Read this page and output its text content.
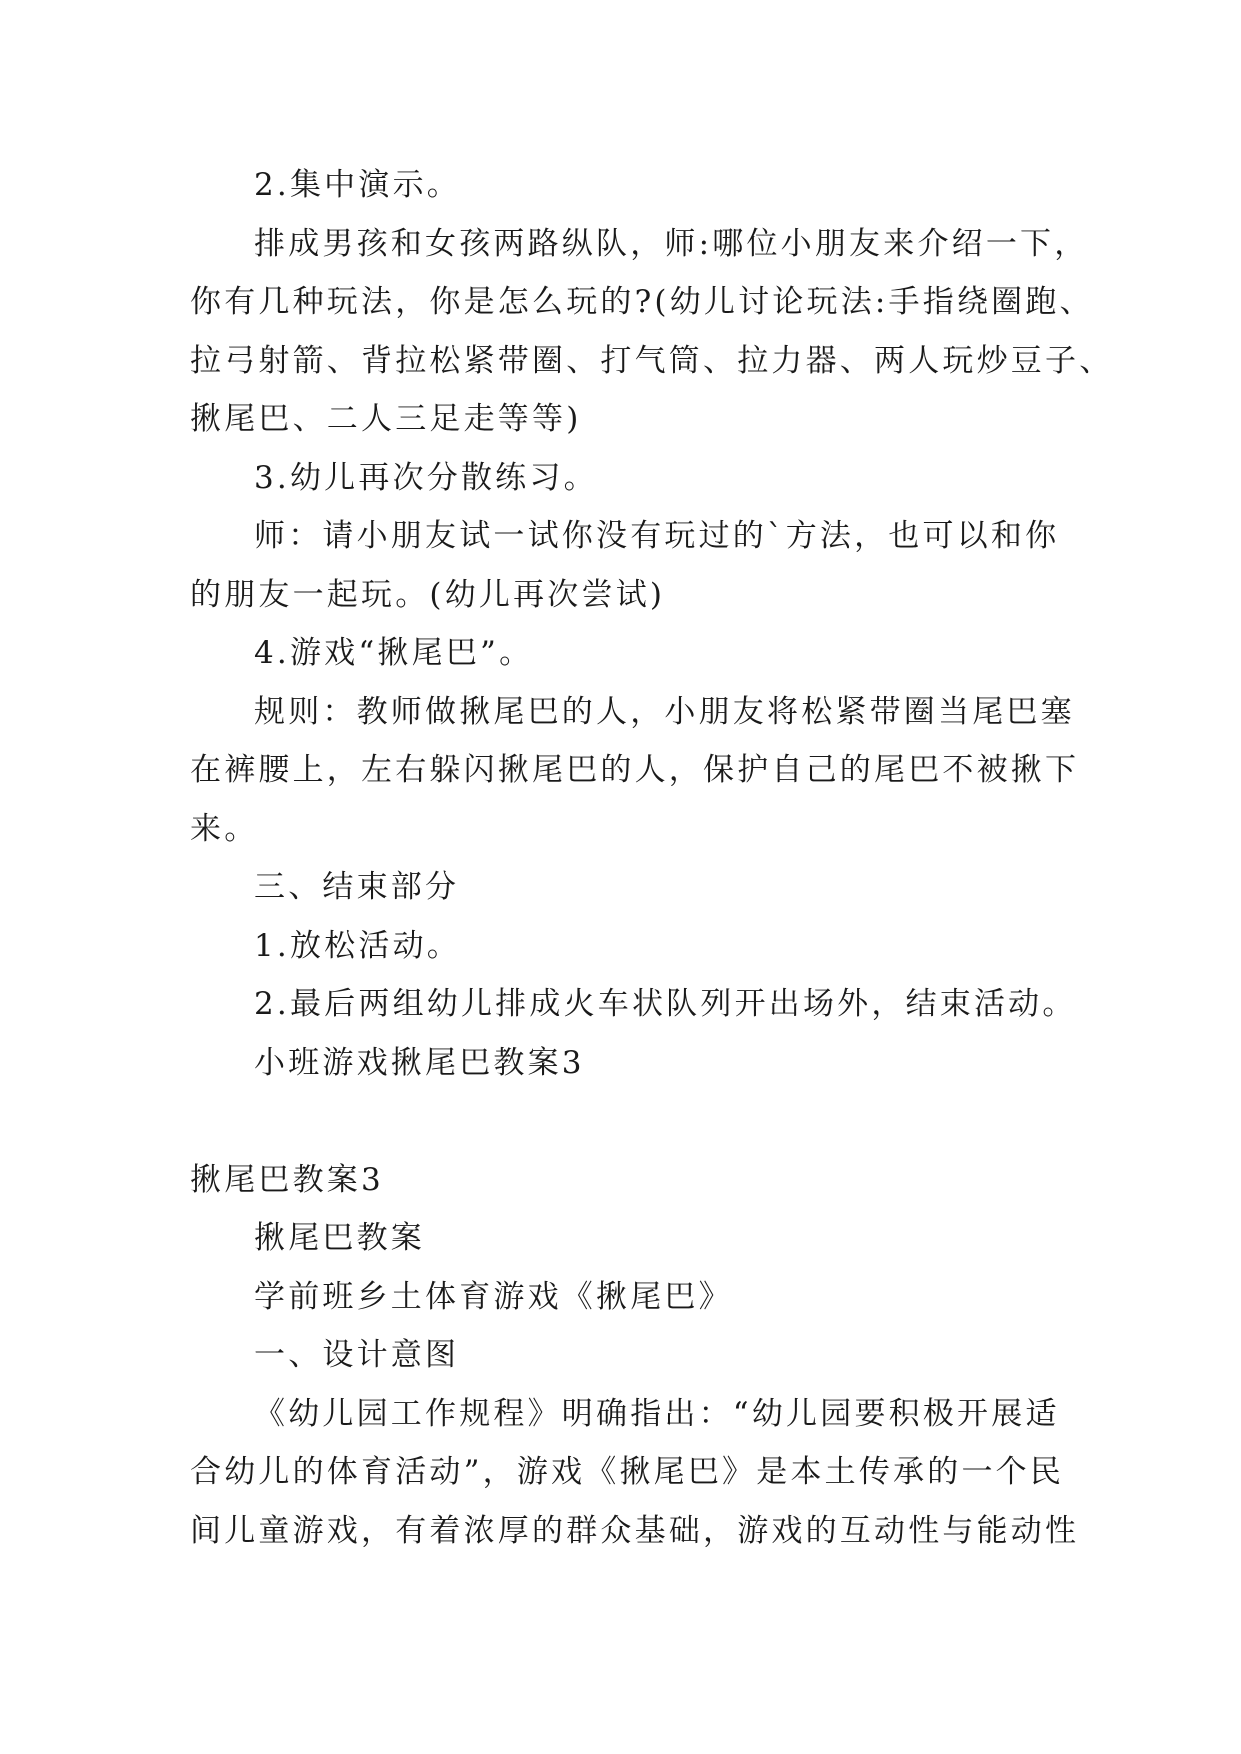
2.集中演示。
排成男孩和女孩两路纵队，师:哪位小朋友来介绍一下，
你有几种玩法，你是怎么玩的?(幼儿讨论玩法:手指绕圈跑、
拉弓射箭、背拉松紧带圈、打气筒、拉力器、两人玩炒豆子、
揪尾巴、二人三足走等等)
3.幼儿再次分散练习。
师：请小朋友试一试你没有玩过的`方法，也可以和你
的朋友一起玩。(幼儿再次尝试)
4.游戏“揪尾巴”。
规则：教师做揪尾巴的人，小朋友将松紧带圈当尾巴塞
在裤腰上，左右躲闪揪尾巴的人，保护自己的尾巴不被揪下
来。
三、结束部分
1.放松活动。
2.最后两组幼儿排成火车状队列开出场外，结束活动。
小班游戏揪尾巴教案3
揪尾巴教案3
揪尾巴教案
学前班乡土体育游戏《揪尾巴》
一、设计意图
《幼儿园工作规程》明确指出：“幼儿园要积极开展适
合幼儿的体育活动”，游戏《揪尾巴》是本土传承的一个民
间儿童游戏，有着浓厚的群众基础，游戏的互动性与能动性
